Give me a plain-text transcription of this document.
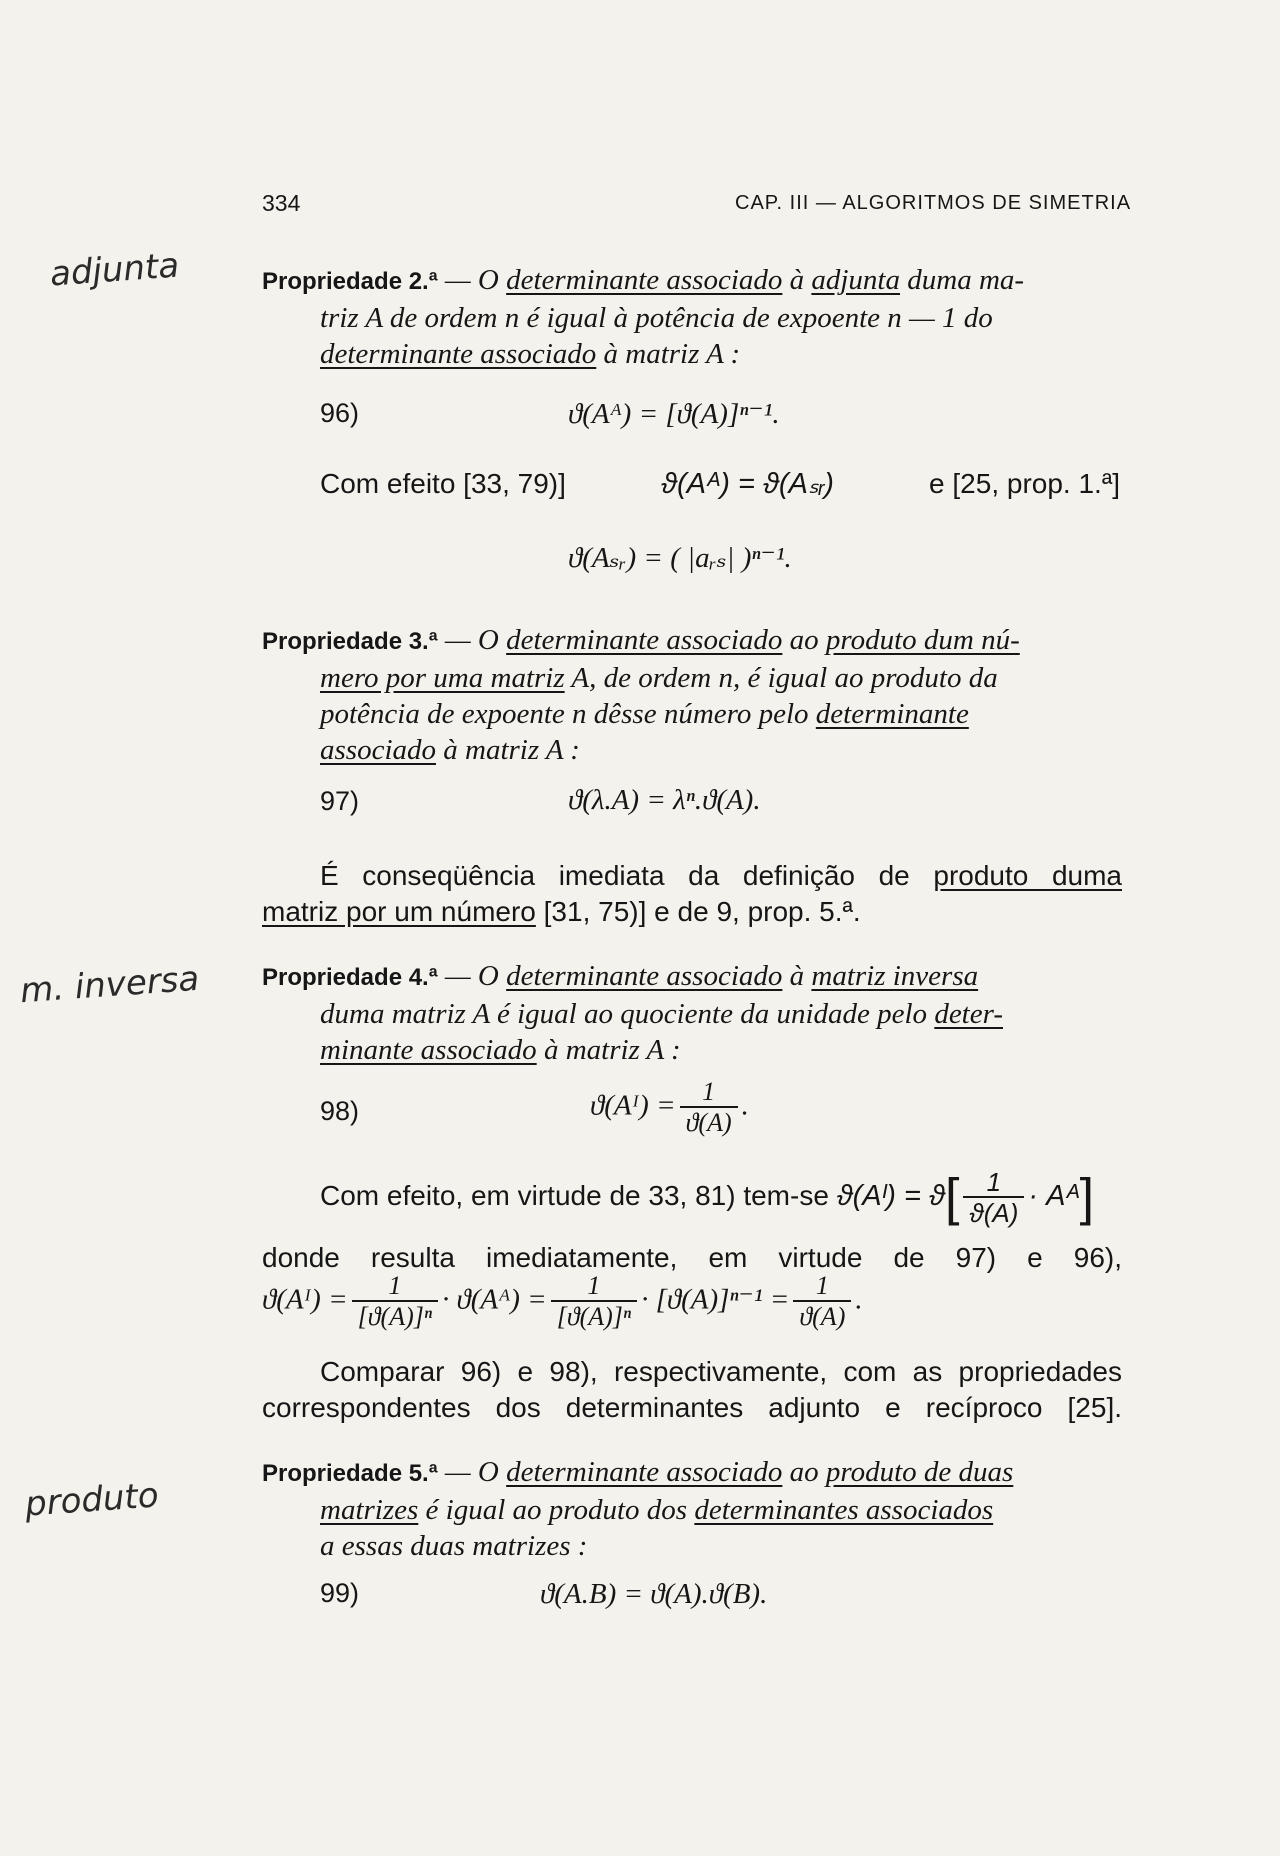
334	CAP. III — ALGORITMOS DE SIMETRIA
adjunta
m. inversa
produto
Propriedade 2.ª — O determinante associado à adjunta duma ma-
triz A de ordem n é igual à potência de expoente n — 1 do
determinante associado à matriz A :
96)	ϑ(Aᴬ) = [ϑ(A)]ⁿ⁻¹.
Com efeito [33, 79)]	ϑ(Aᴬ) = ϑ(Aₛᵣ)	e [25, prop. 1.ª]
ϑ(Aₛᵣ) = ( |aᵣₛ| )ⁿ⁻¹.
Propriedade 3.ª — O determinante associado ao produto dum nú-
mero por uma matriz A, de ordem n, é igual ao produto da
potência de expoente n dêsse número pelo determinante
associado à matriz A :
97)	ϑ(λ.A) = λⁿ.ϑ(A).
É conseqüência imediata da definição de produto duma
matriz por um número [31, 75)] e de 9, prop. 5.ª.
Propriedade 4.ª — O determinante associado à matriz inversa
duma matriz A é igual ao quociente da unidade pelo deter-
minante associado à matriz A :
98)	ϑ(Aᴵ) = $\frac{1}{ϑ(A)}$ .
Com efeito, em virtude de 33, 81) tem-se ϑ(Aᴵ) = $ϑ[ \frac{1}{ϑ(A)}$ · Aᴬ]
donde resulta imediatamente, em virtude de 97) e 96),
ϑ(Aᴵ) = $\frac{1}{\text{[ϑ(A)]ⁿ}}$ · ϑ(Aᴬ) = $\frac{1}{\text{[ϑ(A)]ⁿ}} \cdot [ϑ(A)]^{n-1} = \frac{1}{ϑ(A)}$ .
Comparar 96) e 98), respectivamente, com as propriedades
correspondentes dos determinantes adjunto e recíproco [25].
Propriedade 5.ª — O determinante associado ao produto de duas
matrizes é igual ao produto dos determinantes associados
a essas duas matrizes :
99)	ϑ(A.B) = ϑ(A).ϑ(B).
